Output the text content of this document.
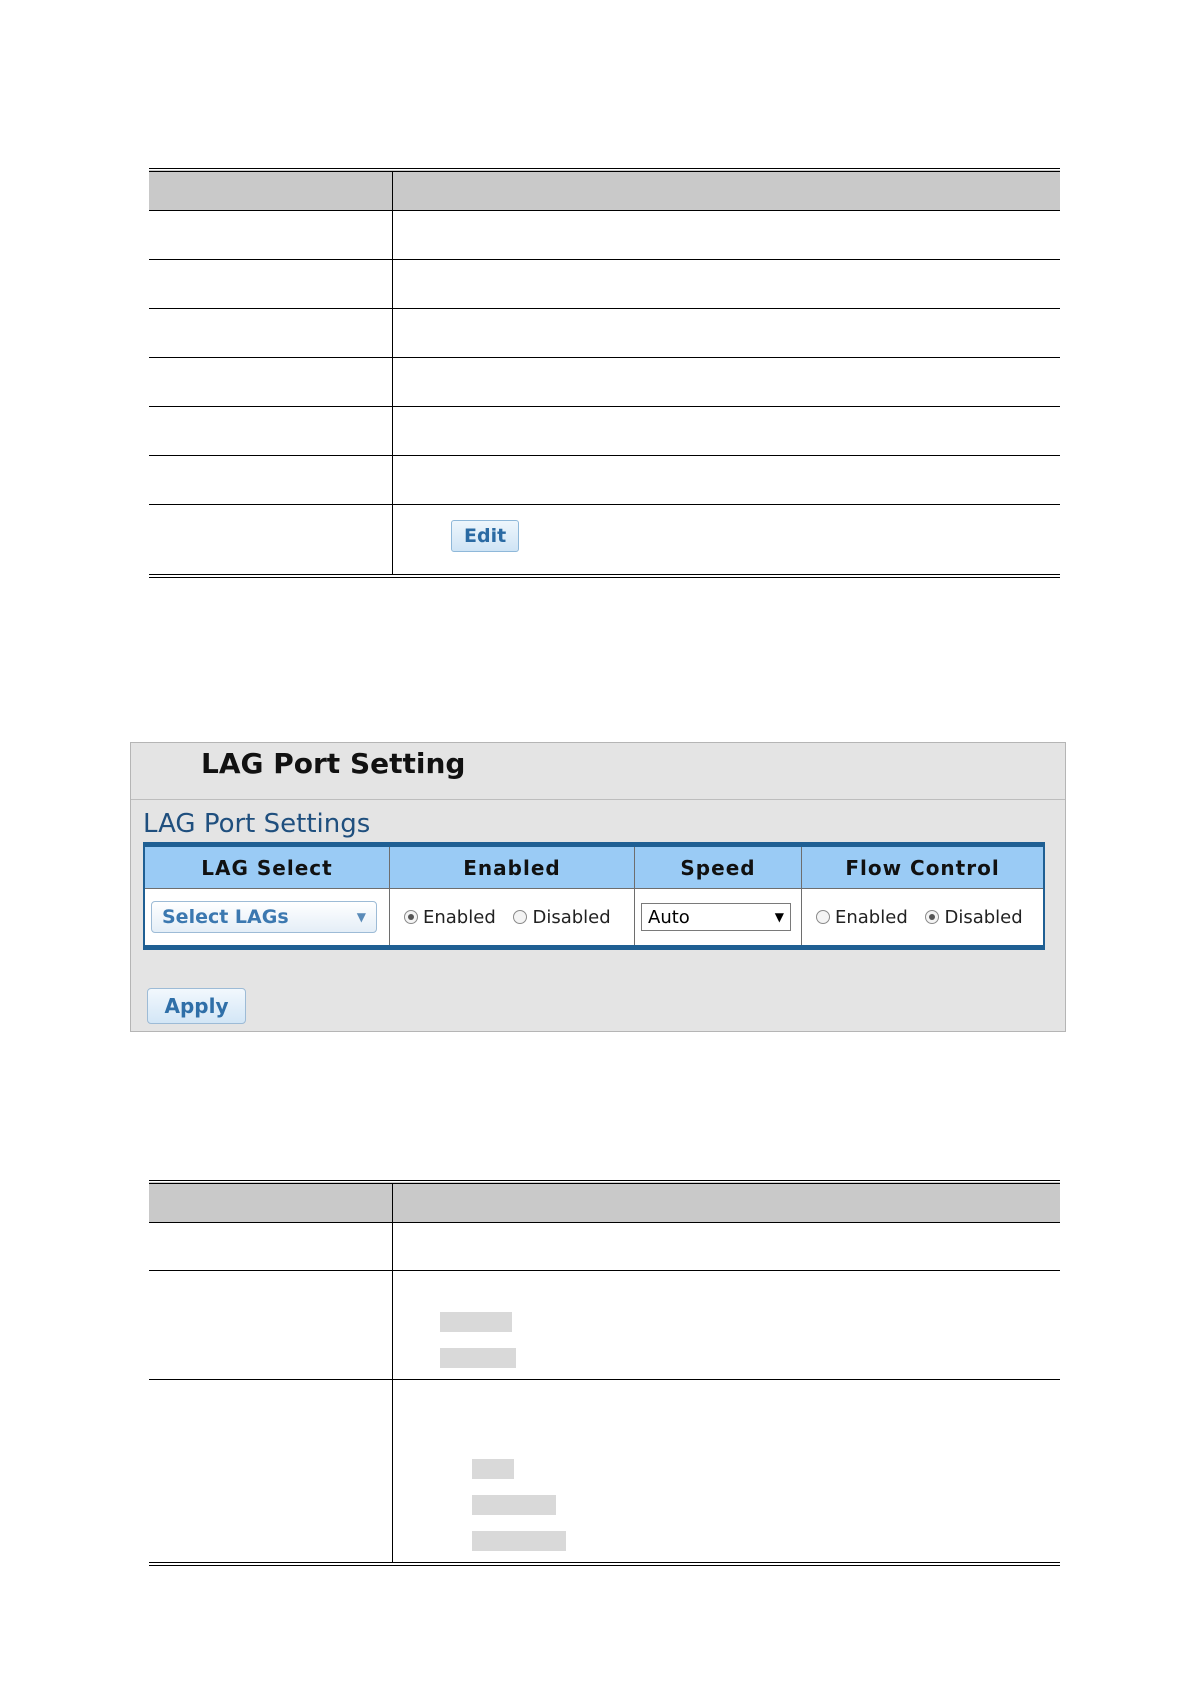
Edit
LAG Port Setting
LAG Port Settings
LAG Select	Enabled	Speed	Flow Control

Select LAGs ▼	Enabled Disabled	Auto ▼	Enabled Disabled
Apply
